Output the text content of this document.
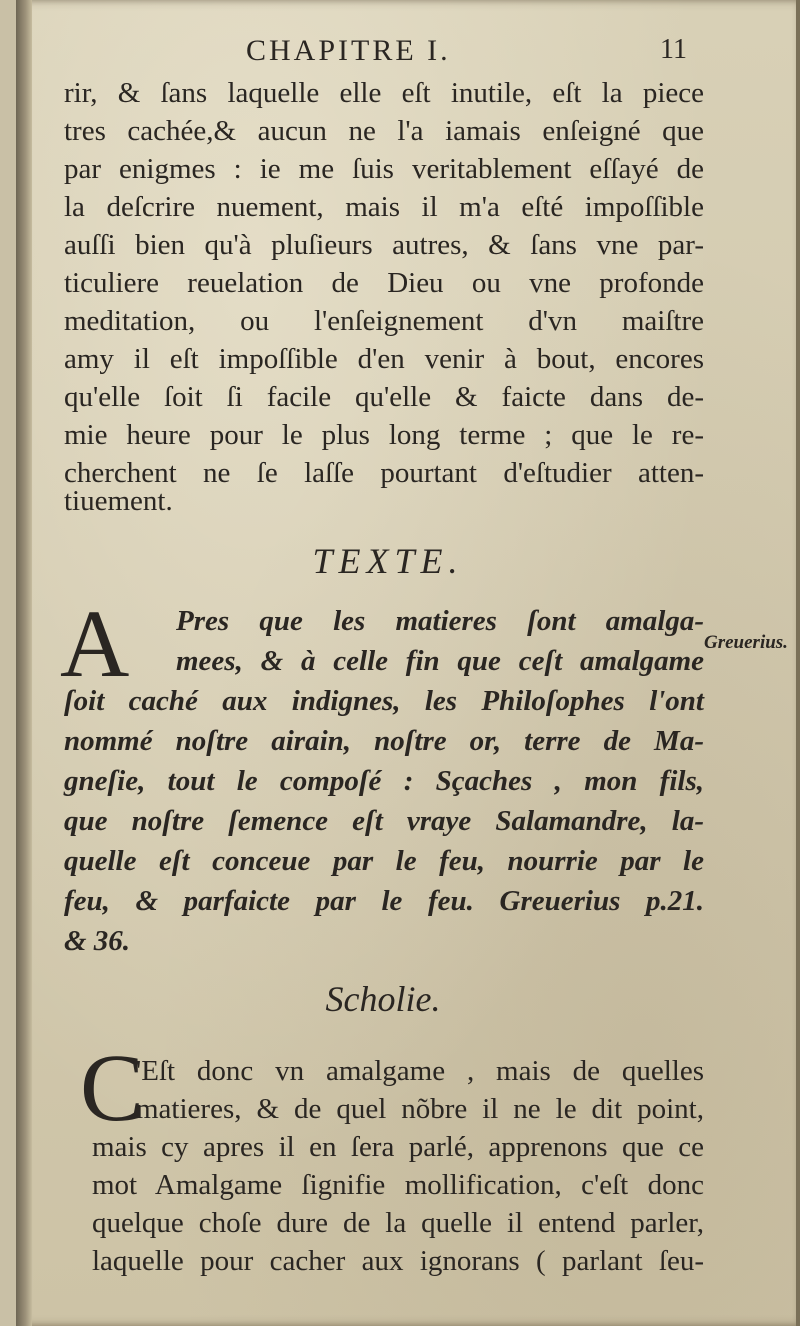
CHAPITRE I.	11
rir, & ſans laquelle elle eſt inutile, eſt la piece
tres cachée,& aucun ne l'a iamais enſeigné que
par enigmes : ie me ſuis veritablement eſſayé de
la deſcrire nuement, mais il m'a eſté impoſſible
auſſi bien qu'à pluſieurs autres, & ſans vne par-
ticuliere reuelation de Dieu ou vne profonde
meditation, ou l'enſeignement d'vn maiſtre
amy il eſt impoſſible d'en venir à bout, encores
qu'elle ſoit ſi facile qu'elle & faicte dans de-
mie heure pour le plus long terme ; que le re-
cherchent ne ſe laſſe pourtant d'eſtudier atten-
tiuement.
TEXTE.
A Pres que les matieres ſont amalga-
mees, & à celle fin que ceſt amalgame
ſoit caché aux indignes, les Philoſophes l'ont
nommé noſtre airain, noſtre or, terre de Ma-
gneſie, tout le compoſé : Sçaches , mon fils,
que noſtre ſemence eſt vraye Salamandre, la-
quelle eſt conceue par le feu, nourrie par le
feu, & parfaicte par le feu. Greuerius p.21.
& 36.
Greuerius.
Scholie.
C
'Eſt donc vn amalgame , mais de quelles
matieres, & de quel nõbre il ne le dit point,
mais cy apres il en ſera parlé, apprenons que ce
mot Amalgame ſignifie mollification, c'eſt donc
quelque choſe dure de la quelle il entend parler,
laquelle pour cacher aux ignorans ( parlant ſeu-
